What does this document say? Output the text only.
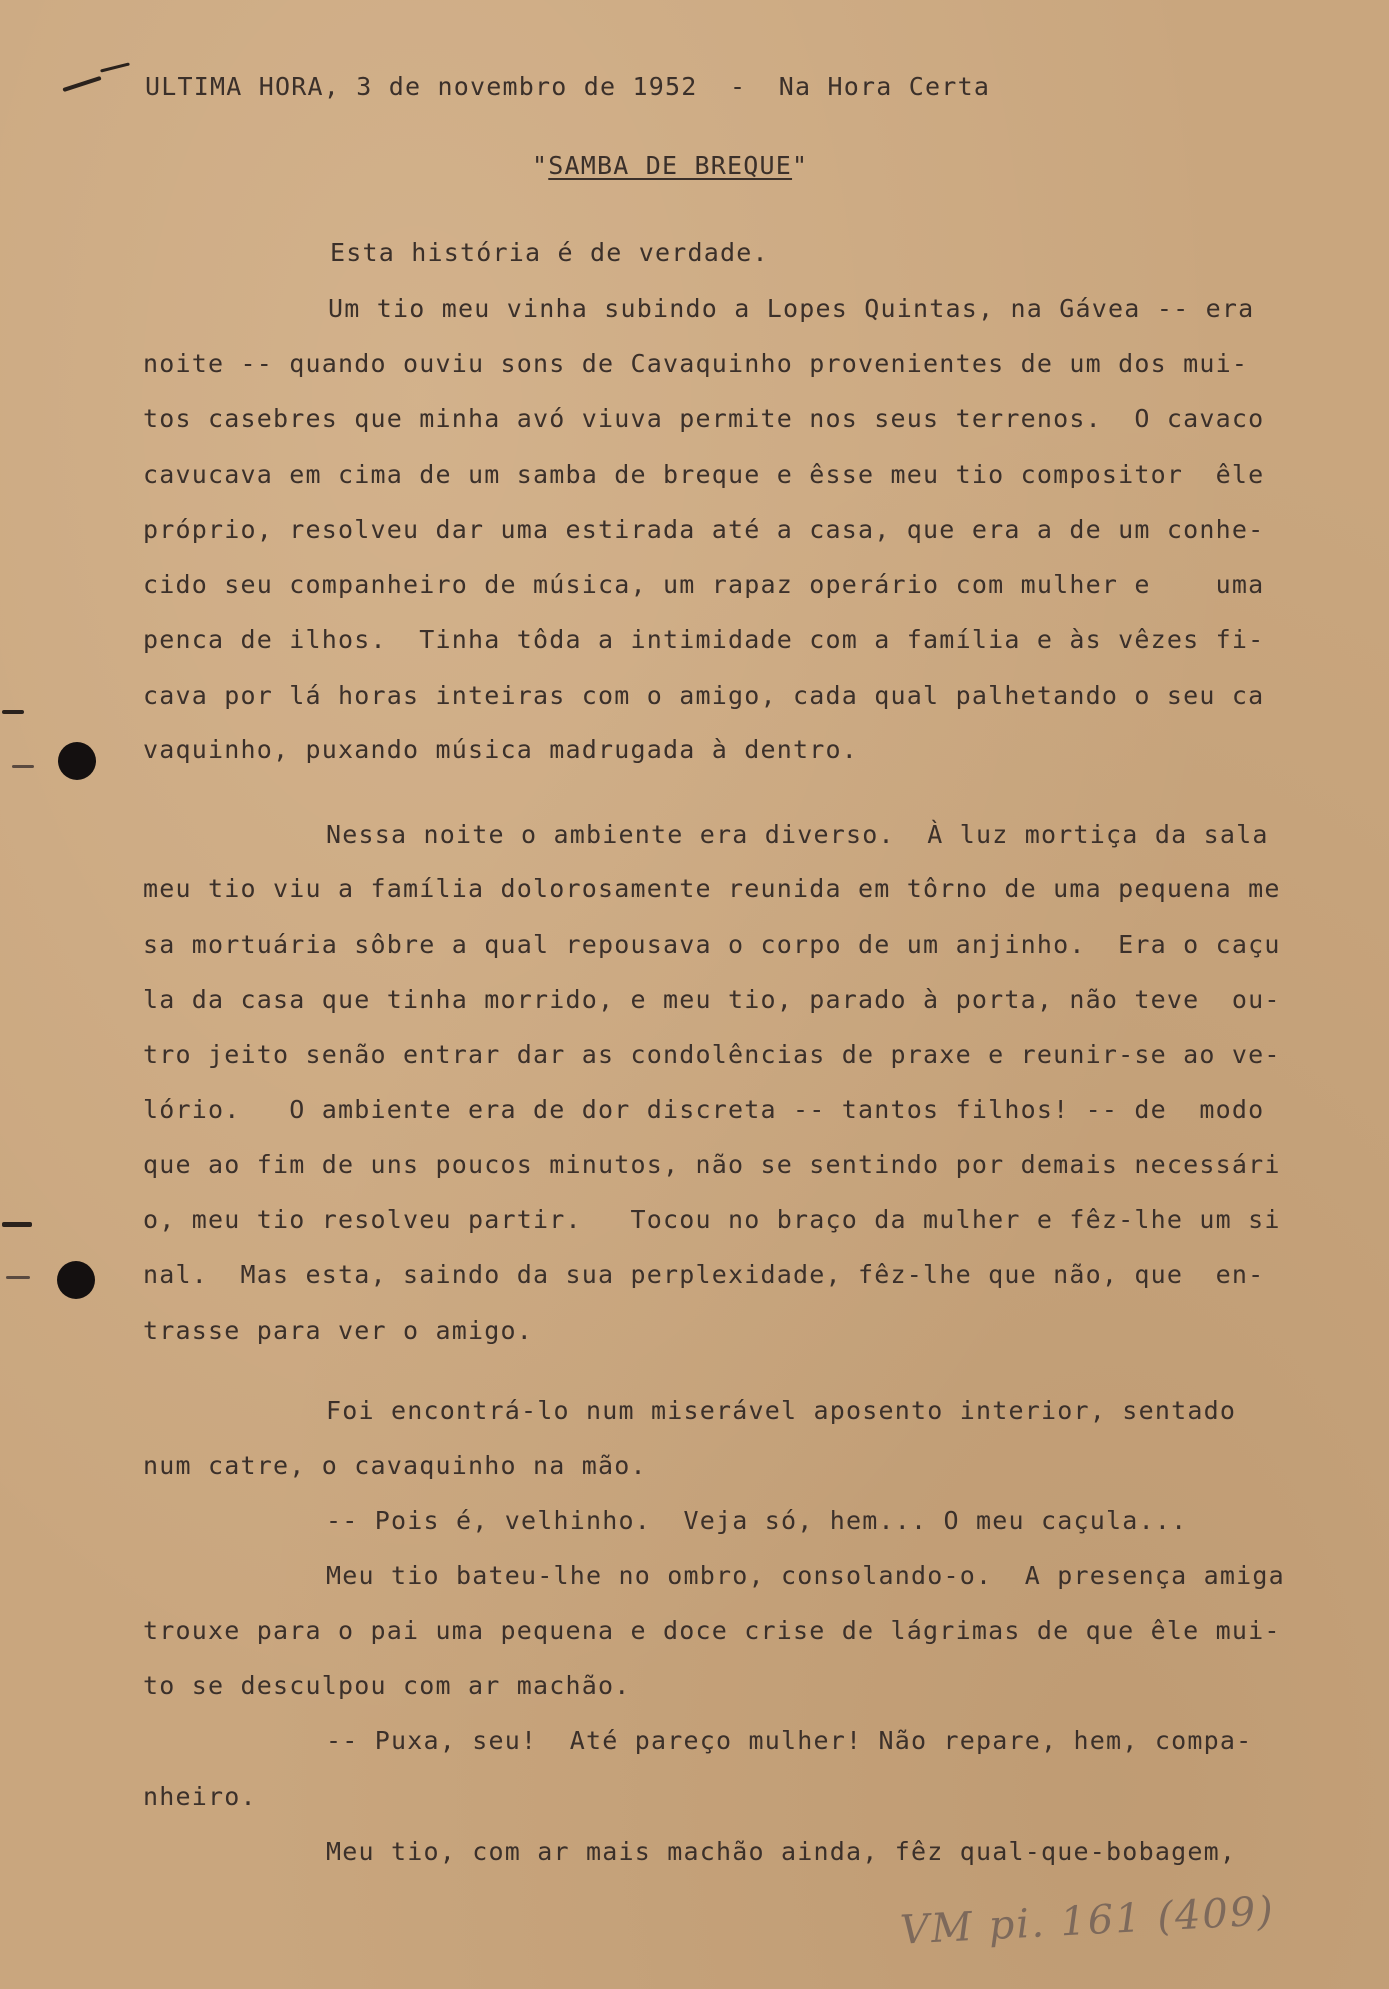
ULTIMA HORA, 3 de novembro de 1952  -  Na Hora Certa
"SAMBA DE BREQUE"
Esta história é de verdade.
Um tio meu vinha subindo a Lopes Quintas, na Gávea -- era
noite -- quando ouviu sons de Cavaquinho provenientes de um dos mui-
tos casebres que minha avó viuva permite nos seus terrenos.  O cavaco
cavucava em cima de um samba de breque e êsse meu tio compositor  êle
próprio, resolveu dar uma estirada até a casa, que era a de um conhe-
cido seu companheiro de música, um rapaz operário com mulher e    uma
penca de ilhos.  Tinha tôda a intimidade com a família e às vêzes fi-
cava por lá horas inteiras com o amigo, cada qual palhetando o seu ca
vaquinho, puxando música madrugada à dentro.
Nessa noite o ambiente era diverso.  À luz mortiça da sala
meu tio viu a família dolorosamente reunida em tôrno de uma pequena me
sa mortuária sôbre a qual repousava o corpo de um anjinho.  Era o caçu
la da casa que tinha morrido, e meu tio, parado à porta, não teve  ou-
tro jeito senão entrar dar as condolências de praxe e reunir-se ao ve-
lório.   O ambiente era de dor discreta -- tantos filhos! -- de  modo
que ao fim de uns poucos minutos, não se sentindo por demais necessári
o, meu tio resolveu partir.   Tocou no braço da mulher e fêz-lhe um si
nal.  Mas esta, saindo da sua perplexidade, fêz-lhe que não, que  en-
trasse para ver o amigo.
Foi encontrá-lo num miserável aposento interior, sentado
num catre, o cavaquinho na mão.
-- Pois é, velhinho.  Veja só, hem... O meu caçula...
Meu tio bateu-lhe no ombro, consolando-o.  A presença amiga
trouxe para o pai uma pequena e doce crise de lágrimas de que êle mui-
to se desculpou com ar machão.
-- Puxa, seu!  Até pareço mulher! Não repare, hem, compa-
nheiro.
Meu tio, com ar mais machão ainda, fêz qual-que-bobagem,
VM pi. 161 (409)
